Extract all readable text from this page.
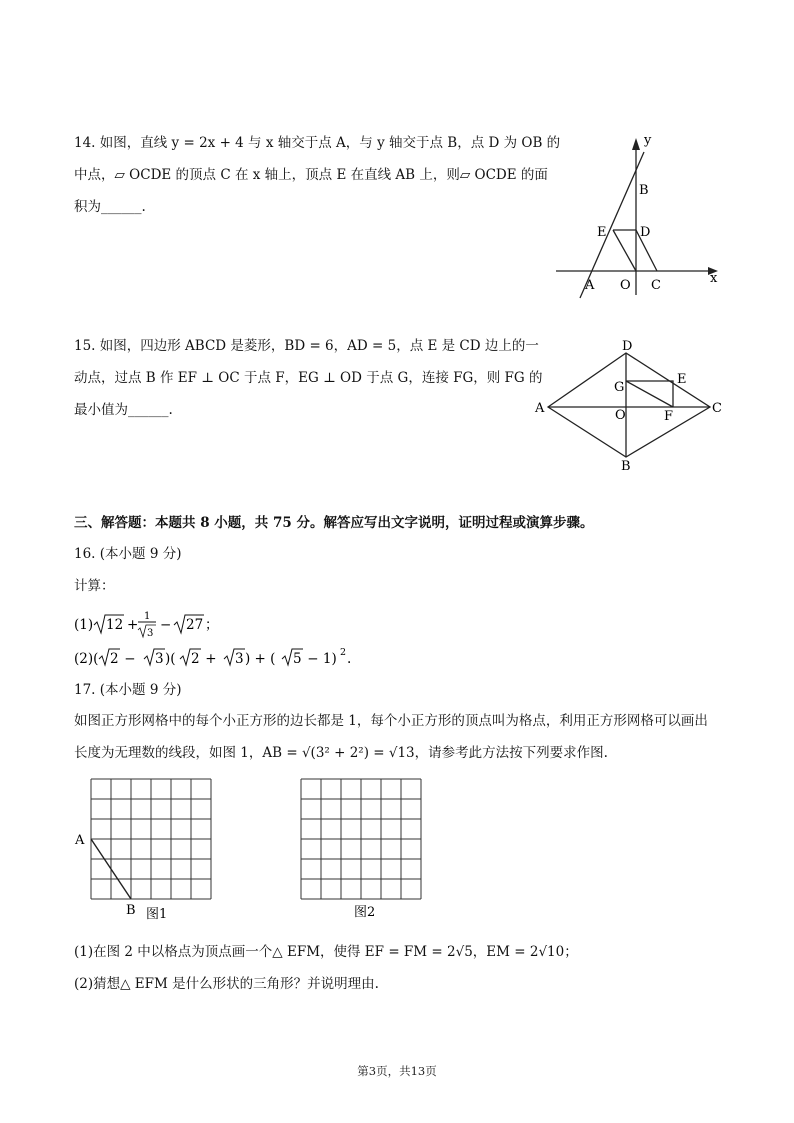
14. 如图，直线 y = 2x + 4 与 x 轴交于点 A，与 y 轴交于点 B，点 D 为 OB 的
中点，▱ OCDE 的顶点 C 在 x 轴上，顶点 E 在直线 AB 上，则▱ OCDE 的面
积为______.
y
x
B
E	D
A O C
15. 如图，四边形 ABCD 是菱形，BD = 6，AD = 5，点 E 是 CD 边上的一
动点，过点 B 作 EF ⊥ OC 于点 F，EG ⊥ OD 于点 G，连接 FG，则 FG 的
最小值为______.
D
G
E
A	O	F
C
B
三、解答题：本题共 8 小题，共 75 分。解答应写出文字说明，证明过程或演算步骤。
16. (本小题 9 分)
计算：
(1) 12 +
1
3
− 27 ；
(2)( 2 − 3 )( 2 + 3 ) + ( 5 − 1) 2 .
17. (本小题 9 分)
如图正方形网格中的每个小正方形的边长都是 1，每个小正方形的顶点叫为格点，利用正方形网格可以画出
长度为无理数的线段，如图 1，AB = √(3² + 2²) = √13，请参考此方法按下列要求作图.
A
B 图1	图2
(1)在图 2 中以格点为顶点画一个△ EFM，使得 EF = FM = 2√5，EM = 2√10；
(2)猜想△ EFM 是什么形状的三角形？并说明理由.
第3页，共13页
